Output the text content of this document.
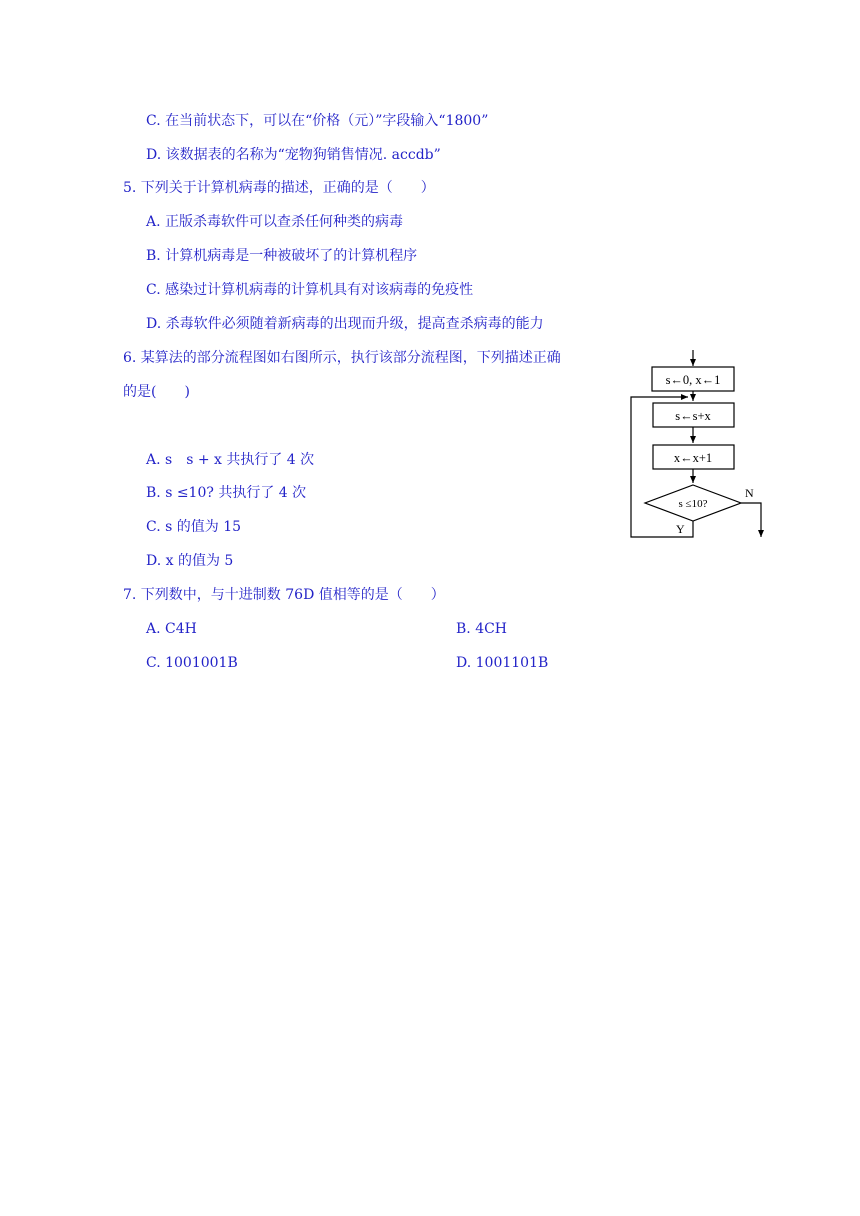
C. 在当前状态下，可以在“价格（元）”字段输入“1800”
D. 该数据表的名称为“宠物狗销售情况. accdb”
5. 下列关于计算机病毒的描述，正确的是（　　）
A. 正版杀毒软件可以查杀任何种类的病毒
B. 计算机病毒是一种被破坏了的计算机程序
C. 感染过计算机病毒的计算机具有对该病毒的免疫性
D. 杀毒软件必须随着新病毒的出现而升级，提高查杀病毒的能力
6. 某算法的部分流程图如右图所示，执行该部分流程图，下列描述正确
的是(　　)
A. s　s + x 共执行了 4 次
B. s ≤10? 共执行了 4 次
C. s 的值为 15
D. x 的值为 5
7. 下列数中，与十进制数 76D 值相等的是（　　）
A. C4H	B. 4CH
C. 1001001B	D. 1001101B
s←0, x←1
s←s+x
x←x+1
s ≤10?
Y
N
